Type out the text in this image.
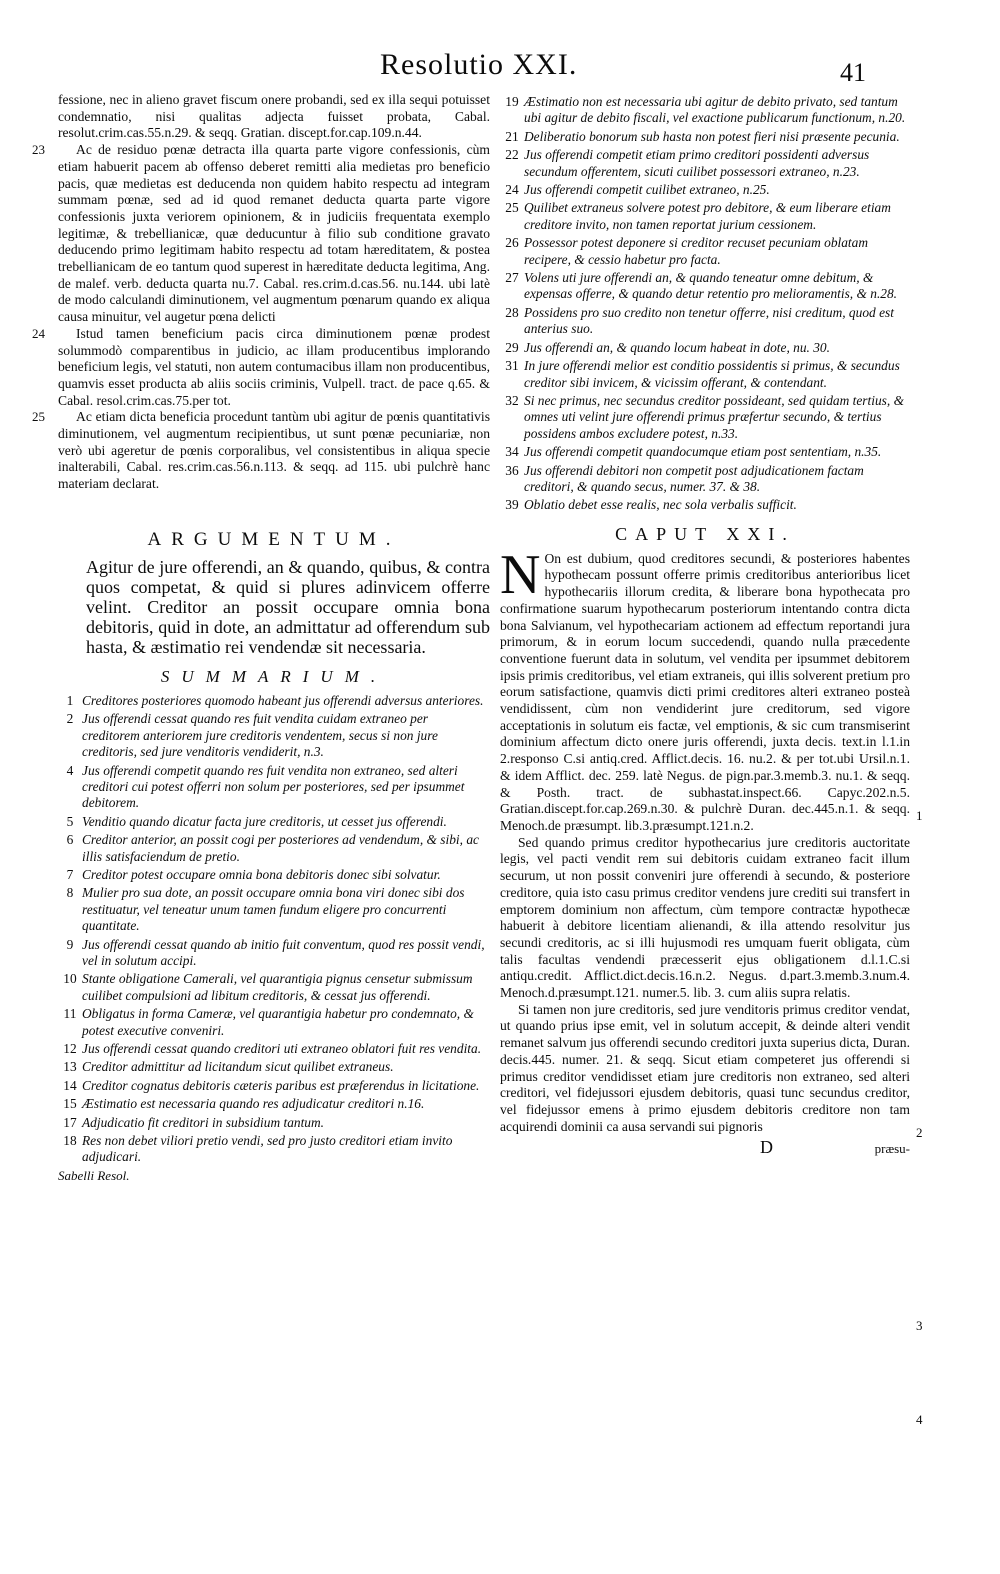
Resolutio XXI.	41
fessione, nec in alieno gravet fiscum onere probandi, sed ex illa sequi potuisset condemnatio, nisi qualitas adjecta fuisset probata, Cabal. resolut.crim.cas.55.n.29. & seqq. Gratian. discept.for.cap.109.n.44.
23 Ac de residuo pœnæ detracta illa quarta parte vigore confessionis, cùm etiam habuerit pacem ab offenso deberet remitti alia medietas pro beneficio pacis, quæ medietas est deducenda non quidem habito respectu ad integram summam pœnæ, sed ad id quod remanet deducta quarta parte vigore confessionis juxta veriorem opinionem, & in judiciis frequentata exemplo legitimæ, & trebellianicæ, quæ deducuntur à filio sub conditione gravato deducendo primo legitimam habito respectu ad totam hæreditatem, & postea trebellianicam de eo tantum quod superest in hæreditate deducta legitima, Ang. de malef. verb. deducta quarta nu.7. Cabal. res.crim.d.cas.56. nu.144. ubi latè de modo calculandi diminutionem, vel augmentum pœnarum quando ex aliqua causa minuitur, vel augetur pœna delicti
24 Istud tamen beneficium pacis circa diminutionem pœnæ prodest solummodò comparentibus in judicio, ac illam producentibus implorando beneficium legis, vel statuti, non autem contumacibus illam non producentibus, quamvis esset producta ab aliis sociis criminis, Vulpell. tract. de pace q.65. & Cabal. resol.crim.cas.75.per tot.
25 Ac etiam dicta beneficia procedunt tantùm ubi agitur de pœnis quantitativis diminutionem, vel augmentum recipientibus, ut sunt pœnæ pecuniariæ, non verò ubi ageretur de pœnis corporalibus, vel consistentibus in aliqua specie inalterabili, Cabal. res.crim.cas.56.n.113. & seqq. ad 115. ubi pulchrè hanc materiam declarat.
ARGUMENTUM.
Agitur de jure offerendi, an & quando, quibus, & contra quos competat, & quid si plures adinvicem offerre velint. Creditor an possit occupare omnia bona debitoris, quid in dote, an admittatur ad offerendum sub hasta, & æstimatio rei vendendæ sit necessaria.
SUMMARIUM.
1 Creditores posteriores quomodo habeant jus offerendi adversus anteriores.
2 Jus offerendi cessat quando res fuit vendita cuidam extraneo per creditorem anteriorem jure creditoris vendentem, secus si non jure creditoris, sed jure venditoris vendiderit, n.3.
4 Jus offerendi competit quando res fuit vendita non extraneo, sed alteri creditori cui potest offerri non solum per posteriores, sed per ipsummet debitorem.
5 Venditio quando dicatur facta jure creditoris, ut cesset jus offerendi.
6 Creditor anterior, an possit cogi per posteriores ad vendendum, & sibi, ac illis satisfaciendum de pretio.
7 Creditor potest occupare omnia bona debitoris donec sibi solvatur.
8 Mulier pro sua dote, an possit occupare omnia bona viri donec sibi dos restituatur, vel teneatur unum tamen fundum eligere pro concurrenti quantitate.
9 Jus offerendi cessat quando ab initio fuit conventum, quod res possit vendi, vel in solutum accipi.
10 Stante obligatione Camerali, vel quarantigia pignus censetur submissum cuilibet compulsioni ad libitum creditoris, & cessat jus offerendi.
11 Obligatus in forma Cameræ, vel quarantigia habetur pro condemnato, & potest executive conveniri.
12 Jus offerendi cessat quando creditori uti extraneo oblatori fuit res vendita.
13 Creditor admittitur ad licitandum sicut quilibet extraneus.
14 Creditor cognatus debitoris cæteris paribus est præferendus in licitatione.
15 Æstimatio est necessaria quando res adjudicatur creditori n.16.
17 Adjudicatio fit creditori in subsidium tantum.
18 Res non debet viliori pretio vendi, sed pro justo creditori etiam invito adjudicari.
Sabelli Resol.
19 Æstimatio non est necessaria ubi agitur de debito privato, sed tantum ubi agitur de debito fiscali, vel exactione publicarum functionum, n.20.
21 Deliberatio bonorum sub hasta non potest fieri nisi præsente pecunia.
22 Jus offerendi competit etiam primo creditori possidenti adversus secundum offerentem, sicuti cuilibet possessori extraneo, n.23.
24 Jus offerendi competit cuilibet extraneo, n.25.
25 Quilibet extraneus solvere potest pro debitore, & eum liberare etiam creditore invito, non tamen reportat jurium cessionem.
26 Possessor potest deponere si creditor recuset pecuniam oblatam recipere, & cessio habetur pro facta.
27 Volens uti jure offerendi an, & quando teneatur omne debitum, & expensas offerre, & quando detur retentio pro melioramentis, & n.28.
28 Possidens pro suo credito non tenetur offerre, nisi creditum, quod est anterius suo.
29 Jus offerendi an, & quando locum habeat in dote, nu. 30.
31 In jure offerendi melior est conditio possidentis si primus, & secundus creditor sibi invicem, & vicissim offerant, & contendant.
32 Si nec primus, nec secundus creditor possideant, sed quidam tertius, & omnes uti velint jure offerendi primus præfertur secundo, & tertius possidens ambos excludere potest, n.33.
34 Jus offerendi competit quandocumque etiam post sententiam, n.35.
36 Jus offerendi debitori non competit post adjudicationem factam creditori, & quando secus, numer. 37. & 38.
39 Oblatio debet esse realis, nec sola verbalis sufficit.
CAPUT XXI.
N On est dubium, quod creditores secundi, & posteriores habentes hypothecam possunt offerre primis creditoribus anterioribus licet hypothecariis illorum credita, & liberare bona hypothecata pro confirmatione suarum hypothecarum posteriorum intentando contra dicta bona Salvianum, vel hypothecariam actionem ad effectum reportandi jura primorum, & in eorum locum succedendi, quando nulla præcedente conventione fuerunt data in solutum, vel vendita per ipsummet debitorem ipsis primis creditoribus, vel etiam extraneis, qui illis solverent pretium pro eorum satisfactione, quamvis dicti primi creditores alteri extraneo posteà vendidissent, cùm non vendiderint jure creditorum, sed vigore acceptationis in solutum eis factæ, vel emptionis, & sic cum transmiserint dominium affectum dicto onere juris offerendi, juxta decis. text.in l.1.in 2.responso C.si antiq.cred. Afflict.decis. 16. nu.2. & per tot.ubi Ursil.n.1. & idem Afflict. dec. 259. latè Negus. de pign.par.3.memb.3. nu.1. & seqq. & Posth. tract. de subhastat.inspect.66. Capyc.202.n.5. Gratian.discept.for.cap.269.n.30. & pulchrè Duran. dec.445.n.1. & seqq. Menoch.de præsumpt. lib.3.præsumpt.121.n.2.
Sed quando primus creditor hypothecarius jure creditoris auctoritate legis, vel pacti vendit rem sui debitoris cuidam extraneo facit illum securum, ut non possit conveniri jure offerendi à secundo, & posteriore creditore, quia isto casu primus creditor vendens jure crediti sui transfert in emptorem dominium non affectum, cùm tempore contractæ hypothecæ habuerit à debitore licentiam alienandi, & illa attendo resolvitur jus secundi creditoris, ac si illi hujusmodi res umquam fuerit obligata, cùm talis facultas vendendi præcesserit ejus obligationem d.l.1.C.si antiqu.credit. Afflict.dict.decis.16.n.2. Negus. d.part.3.memb.3.num.4. Menoch.d.præsumpt.121. numer.5. lib. 3. cum aliis supra relatis.
Si tamen non jure creditoris, sed jure venditoris primus creditor vendat, ut quando prius ipse emit, vel in solutum accepit, & deinde alteri vendit remanet salvum jus offerendi secundo creditori juxta superius dicta, Duran. decis.445. numer. 21. & seqq. Sicut etiam competeret jus offerendi si primus creditor vendidisset etiam jure creditoris non extraneo, sed alteri creditori, vel fidejussori ejusdem debitoris, quasi tunc secundus creditor, vel fidejussor emens à primo ejusdem debitoris creditore non tam acquirendi dominii ca ausa servandi sui pignoris
D	præsu-
1
2
3
4
